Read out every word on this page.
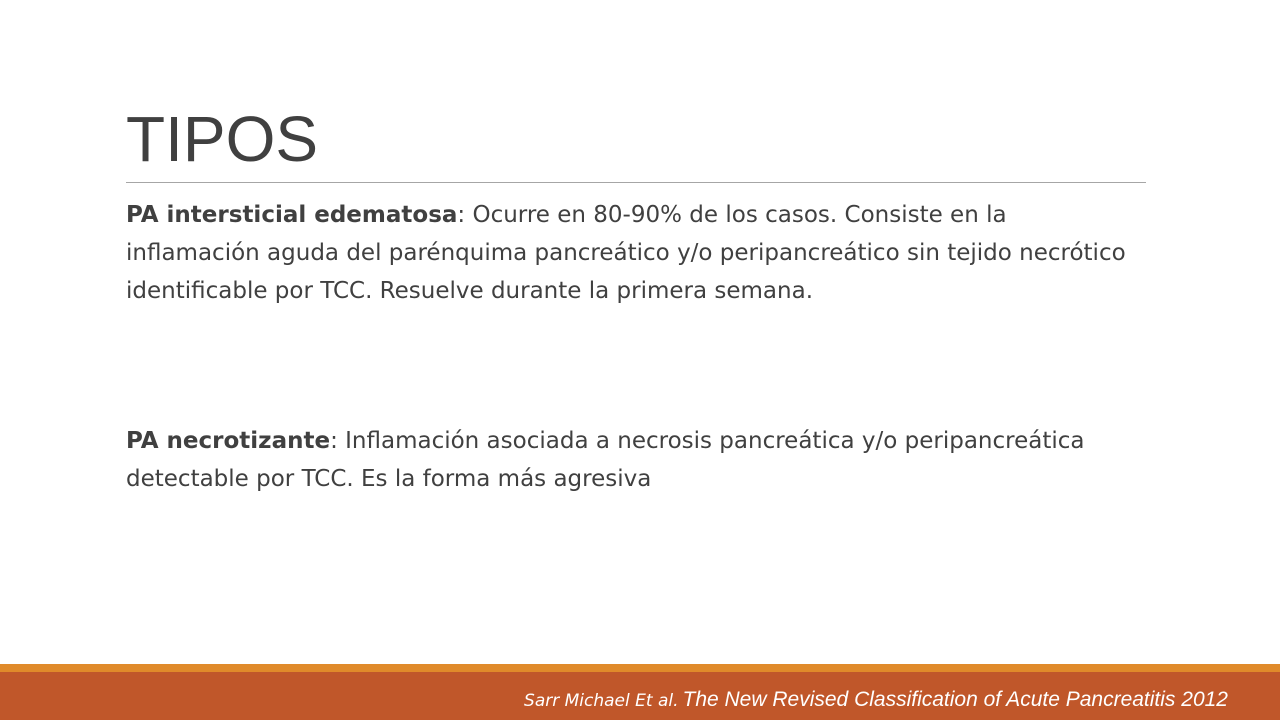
TIPOS

PA intersticial edematosa: Ocurre en 80-90% de los casos. Consiste en la inflamación aguda del parénquima pancreático y/o peripancreático sin tejido necrótico identificable por TCC. Resuelve durante la primera semana.

PA necrotizante: Inflamación asociada a necrosis pancreática y/o peripancreática detectable por TCC. Es la forma más agresiva

Sarr Michael Et al. The New Revised Classification of Acute Pancreatitis 2012
